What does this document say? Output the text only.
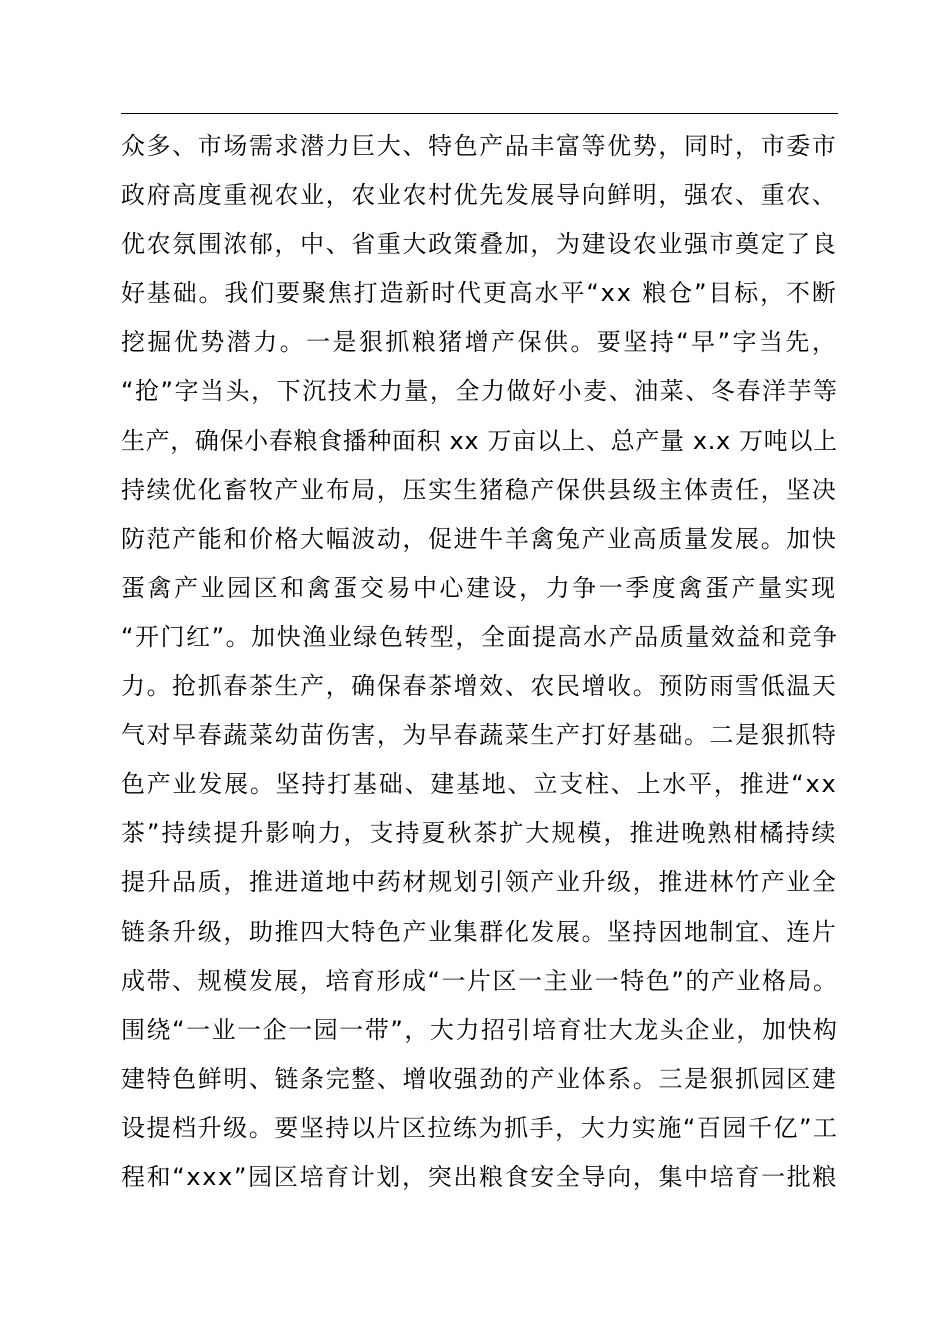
众多、市场需求潜力巨大、特色产品丰富等优势，同时，市委市
政府高度重视农业，农业农村优先发展导向鲜明，强农、重农、
优农氛围浓郁，中、省重大政策叠加，为建设农业强市奠定了良
好基础。我们要聚焦打造新时代更高水平“xx 粮仓”目标，不断
挖掘优势潜力。一是狠抓粮猪增产保供。要坚持“早”字当先，
“抢”字当头，下沉技术力量，全力做好小麦、油菜、冬春洋芋等
生产，确保小春粮食播种面积 xx 万亩以上、总产量 x.x 万吨以上
持续优化畜牧产业布局，压实生猪稳产保供县级主体责任，坚决
防范产能和价格大幅波动，促进牛羊禽兔产业高质量发展。加快
蛋禽产业园区和禽蛋交易中心建设，力争一季度禽蛋产量实现
“开门红”。加快渔业绿色转型，全面提高水产品质量效益和竞争
力。抢抓春茶生产，确保春茶增效、农民增收。预防雨雪低温天
气对早春蔬菜幼苗伤害，为早春蔬菜生产打好基础。二是狠抓特
色产业发展。坚持打基础、建基地、立支柱、上水平，推进“xx
茶”持续提升影响力，支持夏秋茶扩大规模，推进晚熟柑橘持续
提升品质，推进道地中药材规划引领产业升级，推进林竹产业全
链条升级，助推四大特色产业集群化发展。坚持因地制宜、连片
成带、规模发展，培育形成“一片区一主业一特色”的产业格局。
围绕“一业一企一园一带”，大力招引培育壮大龙头企业，加快构
建特色鲜明、链条完整、增收强劲的产业体系。三是狠抓园区建
设提档升级。要坚持以片区拉练为抓手，大力实施“百园千亿”工
程和“xxx”园区培育计划，突出粮食安全导向，集中培育一批粮
